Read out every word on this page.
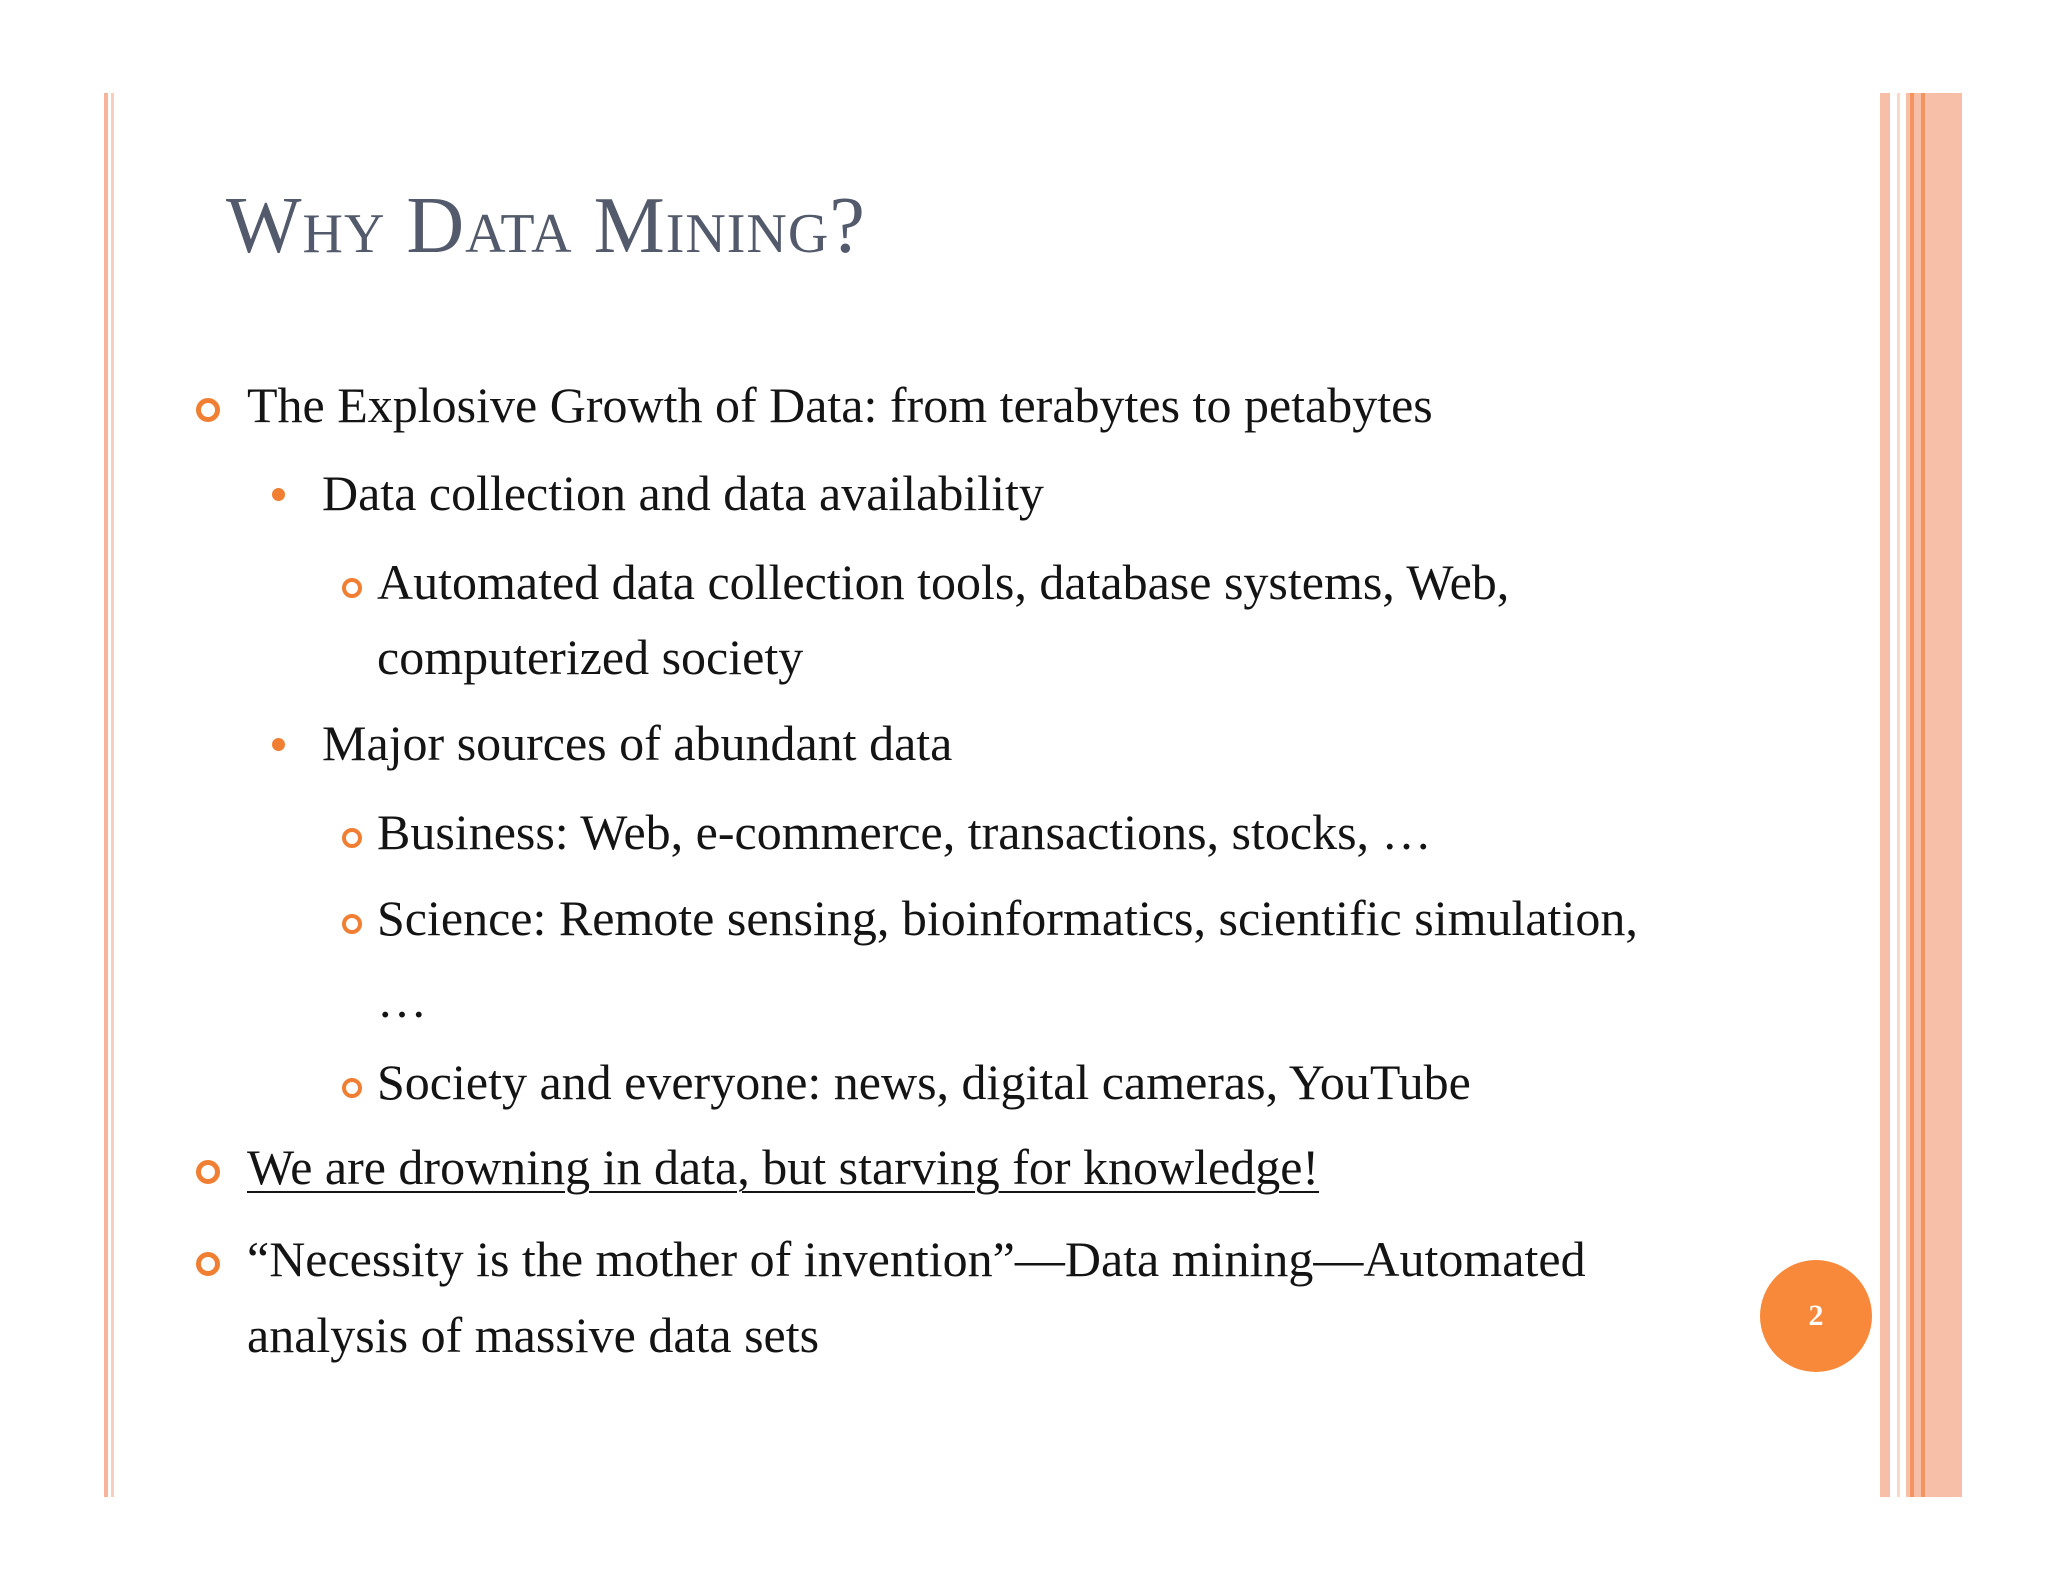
Why Data Mining?
The Explosive Growth of Data: from terabytes to petabytes
Data collection and data availability
Automated data collection tools, database systems, Web,
computerized society
Major sources of abundant data
Business: Web, e-commerce, transactions, stocks, …
Science: Remote sensing, bioinformatics, scientific simulation,
…
Society and everyone: news, digital cameras, YouTube
We are drowning in data, but starving for knowledge!
“Necessity is the mother of invention”—Data mining—Automated
analysis of massive data sets	2
